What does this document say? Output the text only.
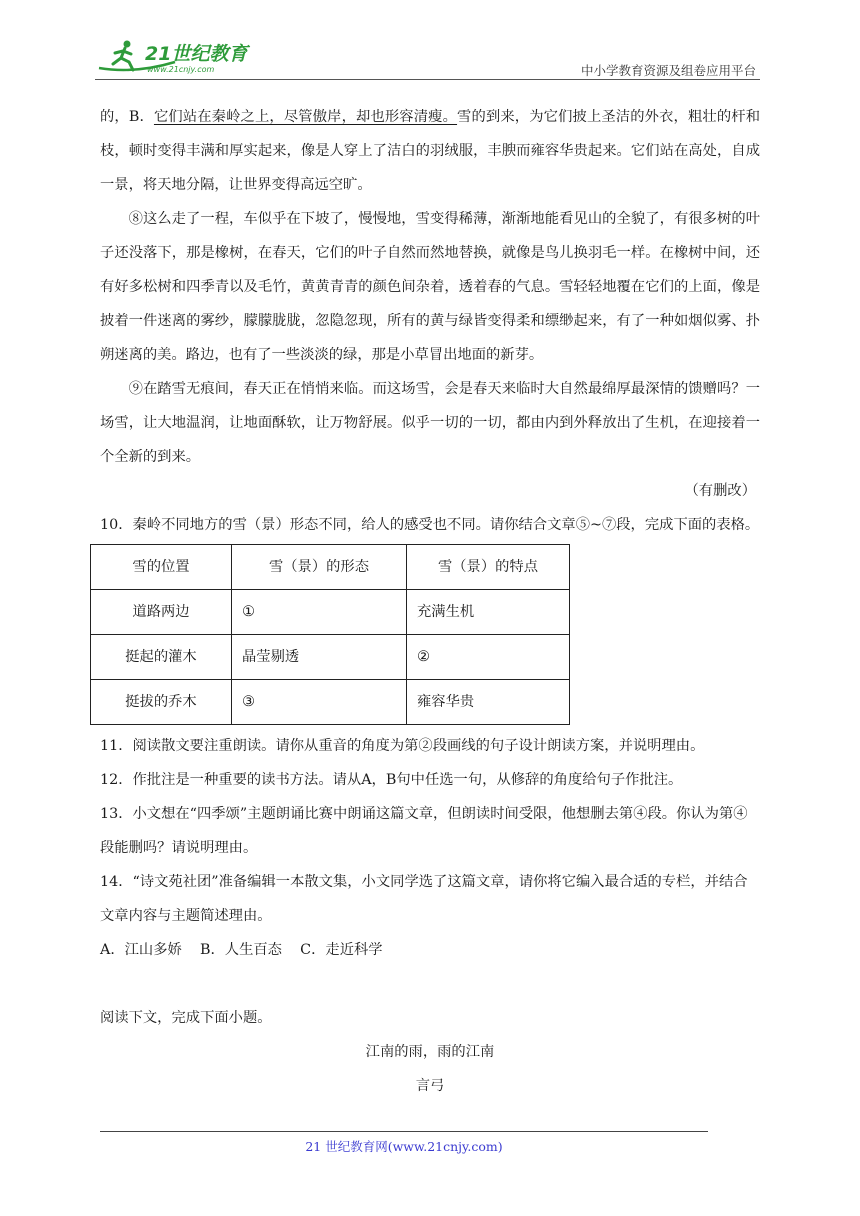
21世纪教育
www.21cnjy.com	中小学教育资源及组卷应用平台

的，B．它们站在秦岭之上，尽管傲岸，却也形容清瘦。雪的到来，为它们披上圣洁的外衣，粗壮的杆和枝，顿时变得丰满和厚实起来，像是人穿上了洁白的羽绒服，丰腴而雍容华贵起来。它们站在高处，自成一景，将天地分隔，让世界变得高远空旷。

⑧这么走了一程，车似乎在下坡了，慢慢地，雪变得稀薄，渐渐地能看见山的全貌了，有很多树的叶子还没落下，那是橡树，在春天，它们的叶子自然而然地替换，就像是鸟儿换羽毛一样。在橡树中间，还有好多松树和四季青以及毛竹，黄黄青青的颜色间杂着，透着春的气息。雪轻轻地覆在它们的上面，像是披着一件迷离的雾纱，朦朦胧胧，忽隐忽现，所有的黄与绿皆变得柔和缥缈起来，有了一种如烟似雾、扑朔迷离的美。路边，也有了一些淡淡的绿，那是小草冒出地面的新芽。

⑨在踏雪无痕间，春天正在悄悄来临。而这场雪，会是春天来临时大自然最绵厚最深情的馈赠吗？一场雪，让大地温润，让地面酥软，让万物舒展。似乎一切的一切，都由内到外释放出了生机，在迎接着一个全新的到来。

（有删改）

10．秦岭不同地方的雪（景）形态不同，给人的感受也不同。请你结合文章⑤~⑦段，完成下面的表格。

雪的位置	雪（景）的形态	雪（景）的特点
道路两边	①	充满生机
挺起的灌木	晶莹剔透	②
挺拔的乔木	③	雍容华贵

11．阅读散文要注重朗读。请你从重音的角度为第②段画线的句子设计朗读方案，并说明理由。

12．作批注是一种重要的读书方法。请从A，B句中任选一句，从修辞的角度给句子作批注。

13．小文想在“四季颂”主题朗诵比赛中朗诵这篇文章，但朗读时间受限，他想删去第④段。你认为第④段能删吗？请说明理由。

14．“诗文苑社团”准备编辑一本散文集，小文同学选了这篇文章，请你将它编入最合适的专栏，并结合文章内容与主题简述理由。

A．江山多娇    B．人生百态    C．走近科学

阅读下文，完成下面小题。

江南的雨，雨的江南

言弓

21 世纪教育网(www.21cnjy.com)
